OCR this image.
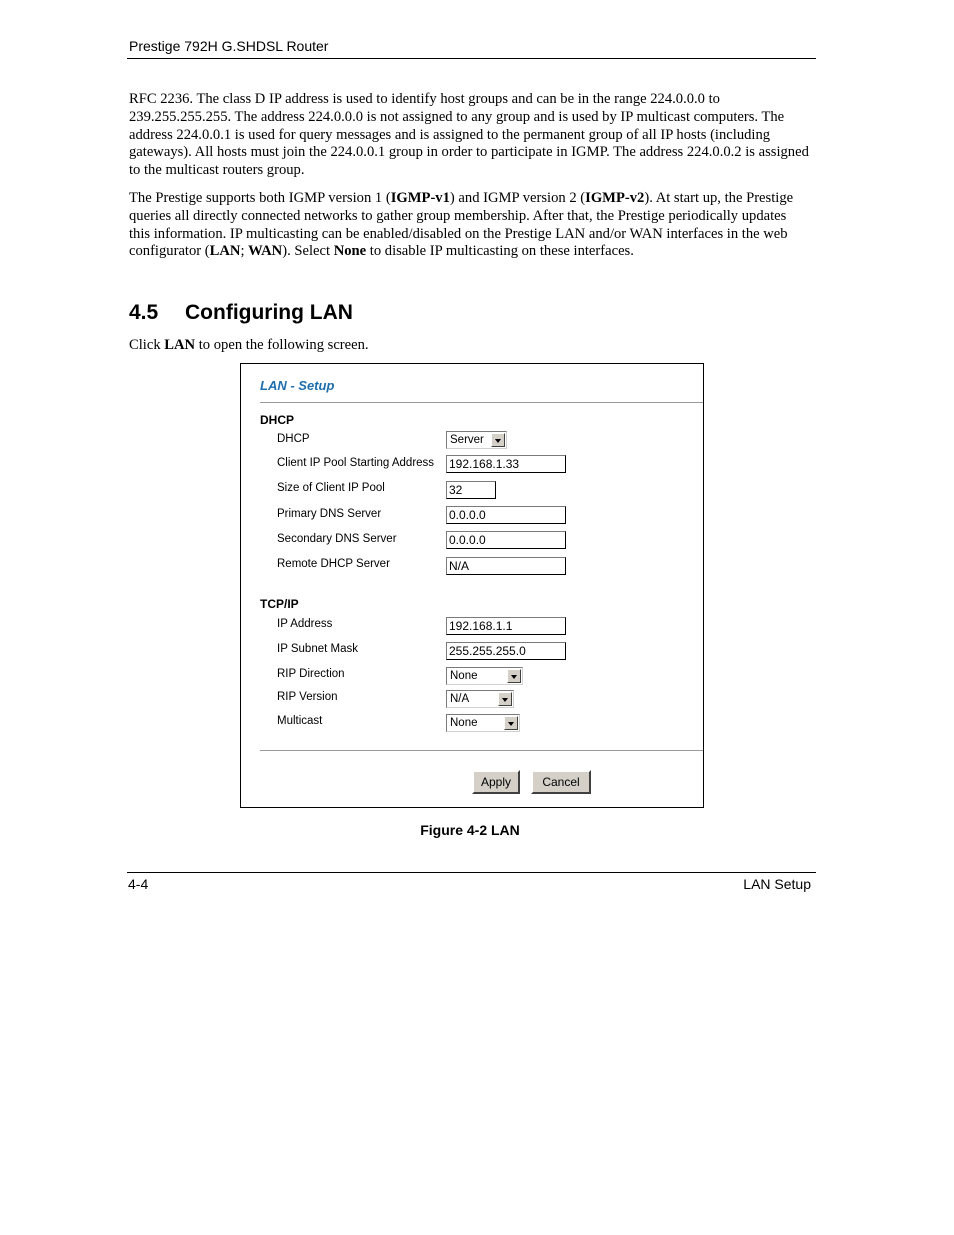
Prestige 792H G.SHDSL Router
RFC 2236. The class D IP address is used to identify host groups and can be in the range 224.0.0.0 to 239.255.255.255. The address 224.0.0.0 is not assigned to any group and is used by IP multicast computers. The address 224.0.0.1 is used for query messages and is assigned to the permanent group of all IP hosts (including gateways). All hosts must join the 224.0.0.1 group in order to participate in IGMP. The address 224.0.0.2 is assigned to the multicast routers group.
The Prestige supports both IGMP version 1 (IGMP-v1) and IGMP version 2 (IGMP-v2). At start up, the Prestige queries all directly connected networks to gather group membership. After that, the Prestige periodically updates this information. IP multicasting can be enabled/disabled on the Prestige LAN and/or WAN interfaces in the web configurator (LAN; WAN). Select None to disable IP multicasting on these interfaces.
4.5 Configuring LAN
Click LAN to open the following screen.
LAN - Setup
DHCP
DHCP	Server
Client IP Pool Starting Address 192.168.1.33
Size of Client IP Pool	32
Primary DNS Server	0.0.0.0
Secondary DNS Server	0.0.0.0
Remote DHCP Server	N/A
TCP/IP
IP Address	192.168.1.1
IP Subnet Mask	255.255.255.0
RIP Direction	None
RIP Version	N/A
Multicast	None
Apply	Cancel
Figure 4-2 LAN
4-4	LAN Setup
